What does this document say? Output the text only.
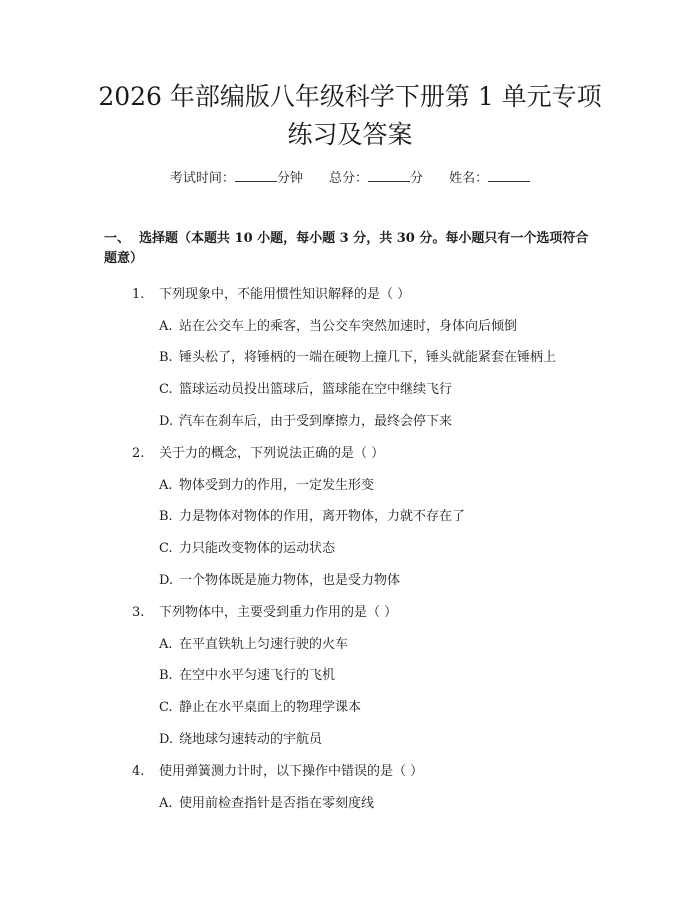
2026 年部编版八年级科学下册第 1 单元专项
练习及答案
考试时间：	分钟 总分：	分 姓名：
一、 选择题（本题共 10 小题，每小题 3 分，共 30 分。每小题只有一个选项符合题意）
1. 下列现象中，不能用惯性知识解释的是（ ）
A. 站在公交车上的乘客，当公交车突然加速时，身体向后倾倒
B. 锤头松了，将锤柄的一端在硬物上撞几下，锤头就能紧套在锤柄上
C. 篮球运动员投出篮球后，篮球能在空中继续飞行
D. 汽车在刹车后，由于受到摩擦力，最终会停下来
2. 关于力的概念，下列说法正确的是（ ）
A. 物体受到力的作用，一定发生形变
B. 力是物体对物体的作用，离开物体，力就不存在了
C. 力只能改变物体的运动状态
D. 一个物体既是施力物体，也是受力物体
3. 下列物体中，主要受到重力作用的是（ ）
A. 在平直铁轨上匀速行驶的火车
B. 在空中水平匀速飞行的飞机
C. 静止在水平桌面上的物理学课本
D. 绕地球匀速转动的宇航员
4. 使用弹簧测力计时，以下操作中错误的是（ ）
A. 使用前检查指针是否指在零刻度线
